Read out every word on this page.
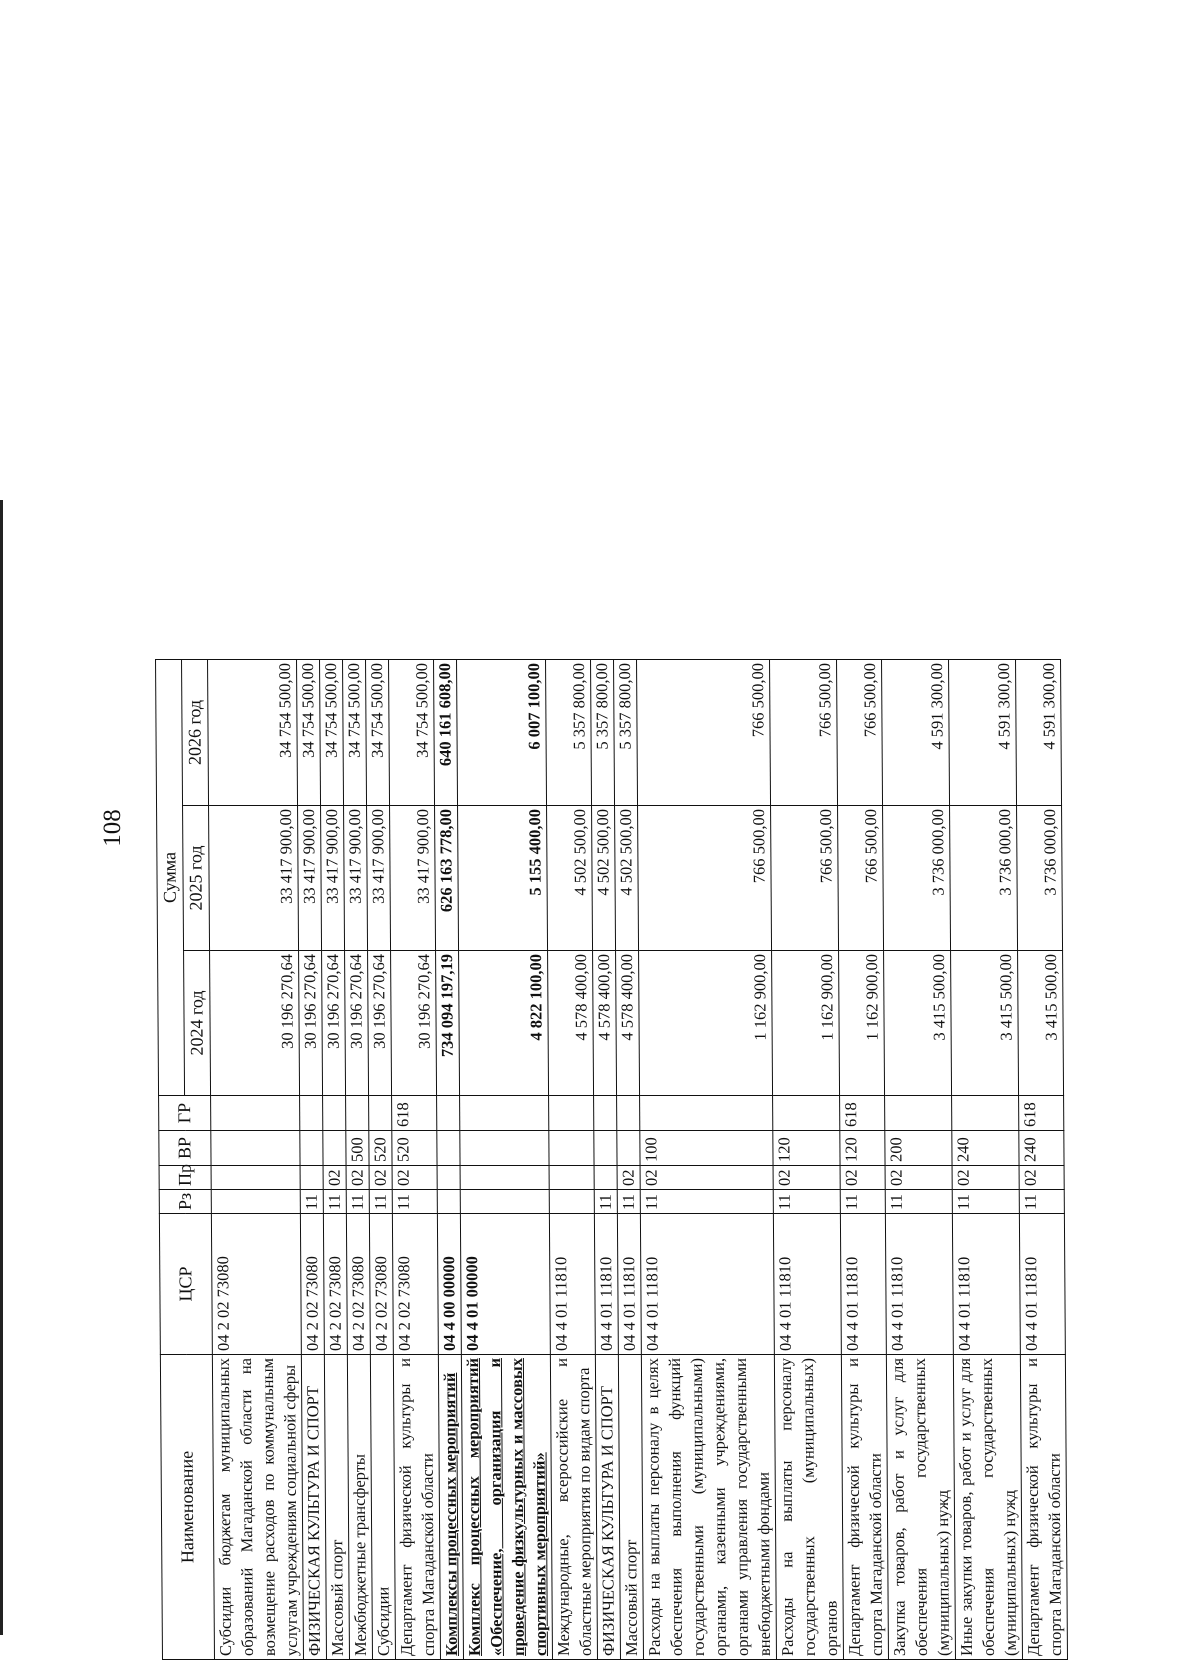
108
Наименование	ЦСР	Рз	Пр	ВР	ГР	Сумма		
						2024 год	2025 год	2026 год
Субсидии бюджетам муниципальных образований Магаданской области на возмещение расходов по коммунальным услугам учреждениям социальной сферы	04 2 02 73080					30 196 270,64	33 417 900,00	34 754 500,00
ФИЗИЧЕСКАЯ КУЛЬТУРА И СПОРТ	04 2 02 73080	11				30 196 270,64	33 417 900,00	34 754 500,00
Массовый спорт	04 2 02 73080	11	02			30 196 270,64	33 417 900,00	34 754 500,00
Межбюджетные трансферты	04 2 02 73080	11	02	500		30 196 270,64	33 417 900,00	34 754 500,00
Субсидии	04 2 02 73080	11	02	520		30 196 270,64	33 417 900,00	34 754 500,00
Департамент физической культуры и спорта Магаданской области	04 2 02 73080	11	02	520	618	30 196 270,64	33 417 900,00	34 754 500,00
Комплексы процессных мероприятий	04 4 00 00000					734 094 197,19	626 163 778,00	640 161 608,00
Комплекс процессных мероприятий «Обеспечение, организация и проведение физкультурных и массовых спортивных мероприятий»	04 4 01 00000					4 822 100,00	5 155 400,00	6 007 100,00
Международные, всероссийские и областные мероприятия по видам спорта	04 4 01 11810					4 578 400,00	4 502 500,00	5 357 800,00
ФИЗИЧЕСКАЯ КУЛЬТУРА И СПОРТ	04 4 01 11810	11				4 578 400,00	4 502 500,00	5 357 800,00
Массовый спорт	04 4 01 11810	11	02			4 578 400,00	4 502 500,00	5 357 800,00
Расходы на выплаты персоналу в целях обеспечения выполнения функций государственными (муниципальными) органами, казенными учреждениями, органами управления государственными внебюджетными фондами	04 4 01 11810	11	02	100		1 162 900,00	766 500,00	766 500,00
Расходы на выплаты персоналу государственных (муниципальных) органов	04 4 01 11810	11	02	120		1 162 900,00	766 500,00	766 500,00
Департамент физической культуры и спорта Магаданской области	04 4 01 11810	11	02	120	618	1 162 900,00	766 500,00	766 500,00
Закупка товаров, работ и услуг для обеспечения государственных (муниципальных) нужд	04 4 01 11810	11	02	200		3 415 500,00	3 736 000,00	4 591 300,00
Иные закупки товаров, работ и услуг для обеспечения государственных (муниципальных) нужд	04 4 01 11810	11	02	240		3 415 500,00	3 736 000,00	4 591 300,00
Департамент физической культуры и спорта Магаданской области	04 4 01 11810	11	02	240	618	3 415 500,00	3 736 000,00	4 591 300,00
